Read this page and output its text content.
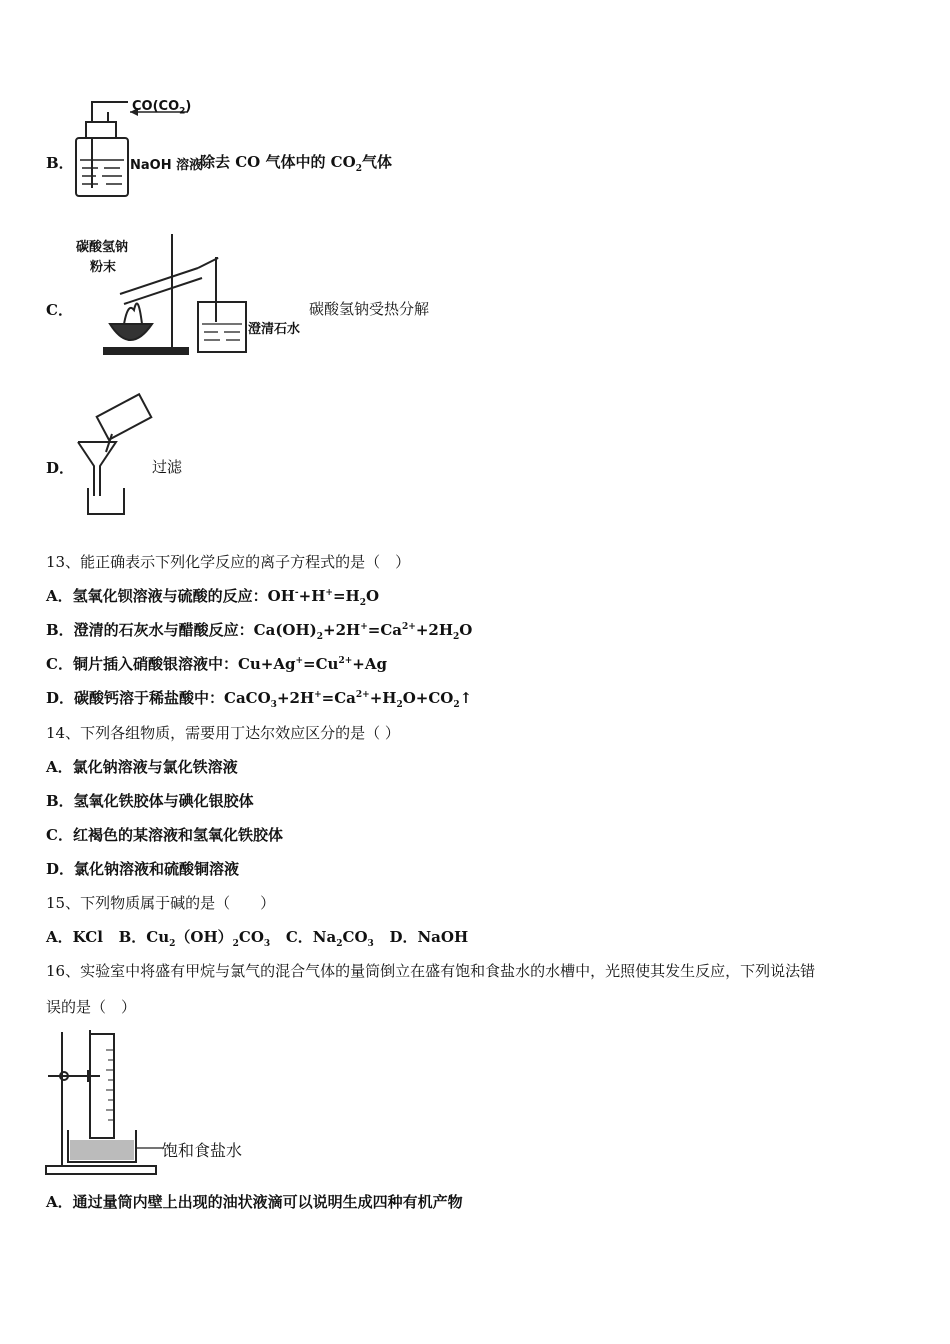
B．
$CO(CO_2)$
NaOH 溶液
除去 CO 气体中的 $CO_2$气体
C．
碳酸氢钠
粉末
澄清石水
碳酸氢钠受热分解
D．	过滤
13、能正确表示下列化学反应的离子方程式的是（　）
A．氢氧化钡溶液与硫酸的反应：$OH^-+H^+=H_2O$
B．澄清的石灰水与醋酸反应：$Ca(OH)_2+2H^+=Ca^{2+}+2H_2O$
C．铜片插入硝酸银溶液中：$Cu+Ag^+=Cu^{2+}+Ag$
D．碳酸钙溶于稀盐酸中：$CaCO_3+2H^+=Ca^{2+}+H_2O+CO_2↑$
14、下列各组物质，需要用丁达尔效应区分的是（ ）
A．氯化钠溶液与氯化铁溶液
B．氢氧化铁胶体与碘化银胶体
C．红褐色的某溶液和氢氧化铁胶体
D．氯化钠溶液和硫酸铜溶液
15、下列物质属于碱的是（　　）
A．KCl B．$Cu_2(OH)_2CO_3$ C．$Na_2CO_3$ D．NaOH
16、实验室中将盛有甲烷与氯气的混合气体的量筒倒立在盛有饱和食盐水的水槽中，光照使其发生反应，下列说法错
误的是（　）
饱和食盐水
A．通过量筒内壁上出现的油状液滴可以说明生成四种有机产物
